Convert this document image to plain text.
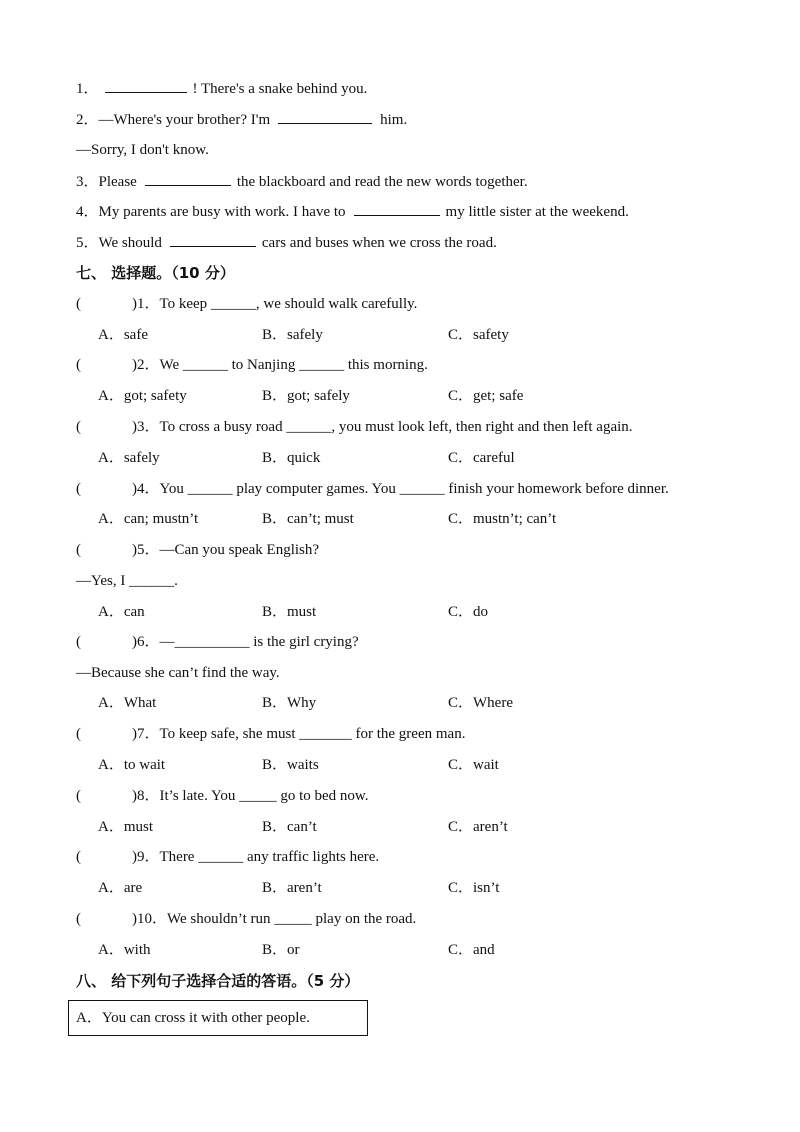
1．	! There's a snake behind you.
2．—Where's your brother? I'm	him.
—Sorry, I don't know.
3．Please	the blackboard and read the new words together.
4．My parents are busy with work. I have to	my little sister at the weekend.
5．We should	cars and buses when we cross the road.
七、 选择题。（10 分）
(	)1．To keep ______, we should walk carefully.
A．safe	B．safely	C．safety
(	)2．We ______ to Nanjing ______ this morning.
A．got; safety	B．got; safely	C．get; safe
(	)3．To cross a busy road ______, you must look left, then right and then left again.
A．safely	B．quick	C．careful
(	)4．You ______ play computer games. You ______ finish your homework before dinner.
A．can; mustn’t	B．can’t; must	C．mustn’t; can’t
(	)5．—Can you speak English?
—Yes, I ______.
A．can	B．must	C．do
(	)6．—__________ is the girl crying?
—Because she can’t find the way.
A．What	B．Why	C．Where
(	)7．To keep safe, she must _______ for the green man.
A．to wait	B．waits	C．wait
(	)8．It’s late. You _____ go to bed now.
A．must	B．can’t	C．aren’t
(	)9．There ______ any traffic lights here.
A．are	B．aren’t	C．isn’t
(	)10．We shouldn’t run _____ play on the road.
A．with	B．or	C．and
八、 给下列句子选择合适的答语。（5 分）
A．You can cross it with other people.
